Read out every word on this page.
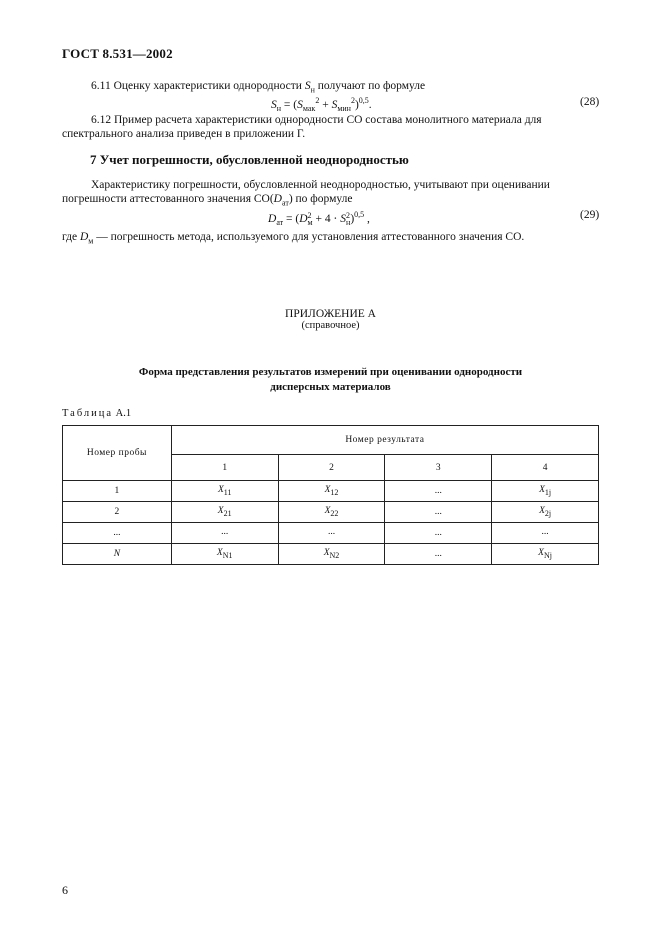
ГОСТ 8.531—2002
6.11 Оценку характеристики однородности $S_н$ получают по формуле
$S_н = (S_{мак}^2 + S_{мин}^2)^{0,5}$.	(28)
6.12 Пример расчета характеристики однородности СО состава монолитного материала для
спектрального анализа приведен в приложении Г.
7 Учет погрешности, обусловленной неоднородностью
Характеристику погрешности, обусловленной неоднородностью, учитывают при оценивании
погрешности аттестованного значения $СО(D_{ат})$ по формуле
$D_{ат} = (D$ 2
м + 4 ⋅ S 2
н )$^{0,5}$ ,	(29)
где $D_м$ — погрешность метода, используемого для установления аттестованного значения СО.
ПРИЛОЖЕНИЕ А
(справочное)
Форма представления результатов измерений при оценивании однородности
дисперсных материалов
Таблица А.1
Номер пробы	Номер результата			
	1	2	3	4
1	$X_{11}$	$X_{12}$	...	$X_{1j}$
2	$X_{21}$	$X_{22}$	...	$X_{2j}$
...	...	...	...	...
N	$X_{N1}$	$X_{N2}$	...	$X_{Nj}$
6
